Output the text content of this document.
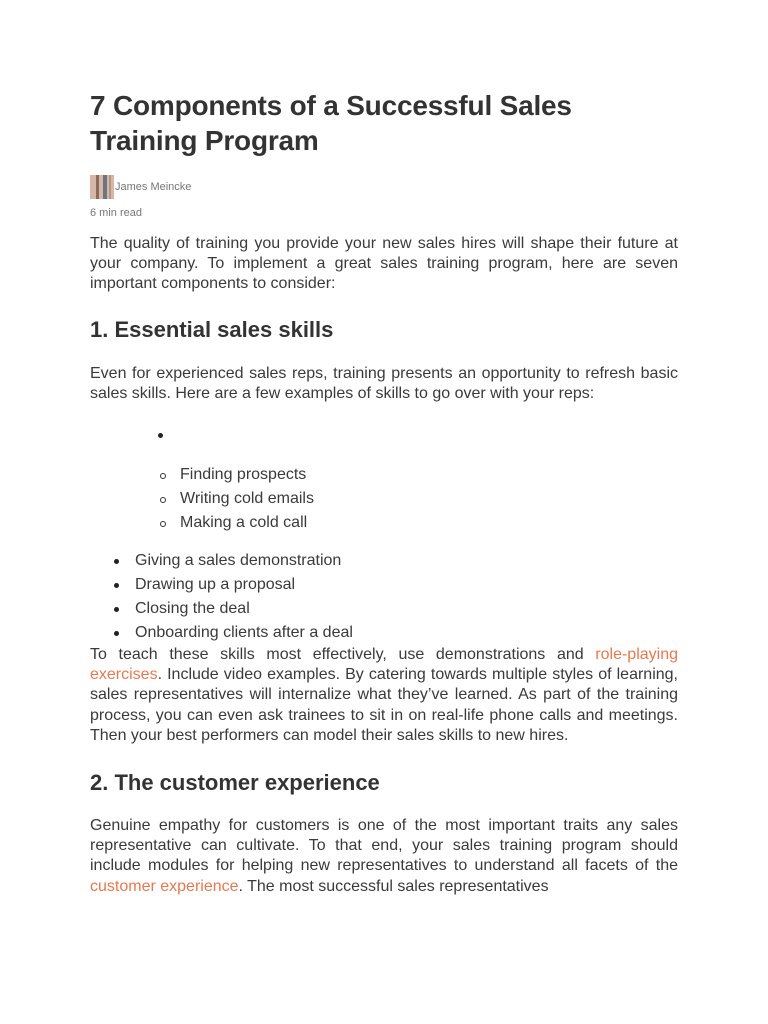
7 Components of a Successful Sales Training Program
James Meincke
6 min read

The quality of training you provide your new sales hires will shape their future at your company. To implement a great sales training program, here are seven important components to consider:

1. Essential sales skills

Even for experienced sales reps, training presents an opportunity to refresh basic sales skills. Here are a few examples of skills to go over with your reps:

Finding prospects
Writing cold emails
Making a cold call
Giving a sales demonstration
Drawing up a proposal
Closing the deal
Onboarding clients after a deal

To teach these skills most effectively, use demonstrations and role-playing exercises. Include video examples. By catering towards multiple styles of learning, sales representatives will internalize what they’ve learned. As part of the training process, you can even ask trainees to sit in on real-life phone calls and meetings. Then your best performers can model their sales skills to new hires.

2. The customer experience

Genuine empathy for customers is one of the most important traits any sales representative can cultivate. To that end, your sales training program should include modules for helping new representatives to understand all facets of the customer experience. The most successful sales representatives
